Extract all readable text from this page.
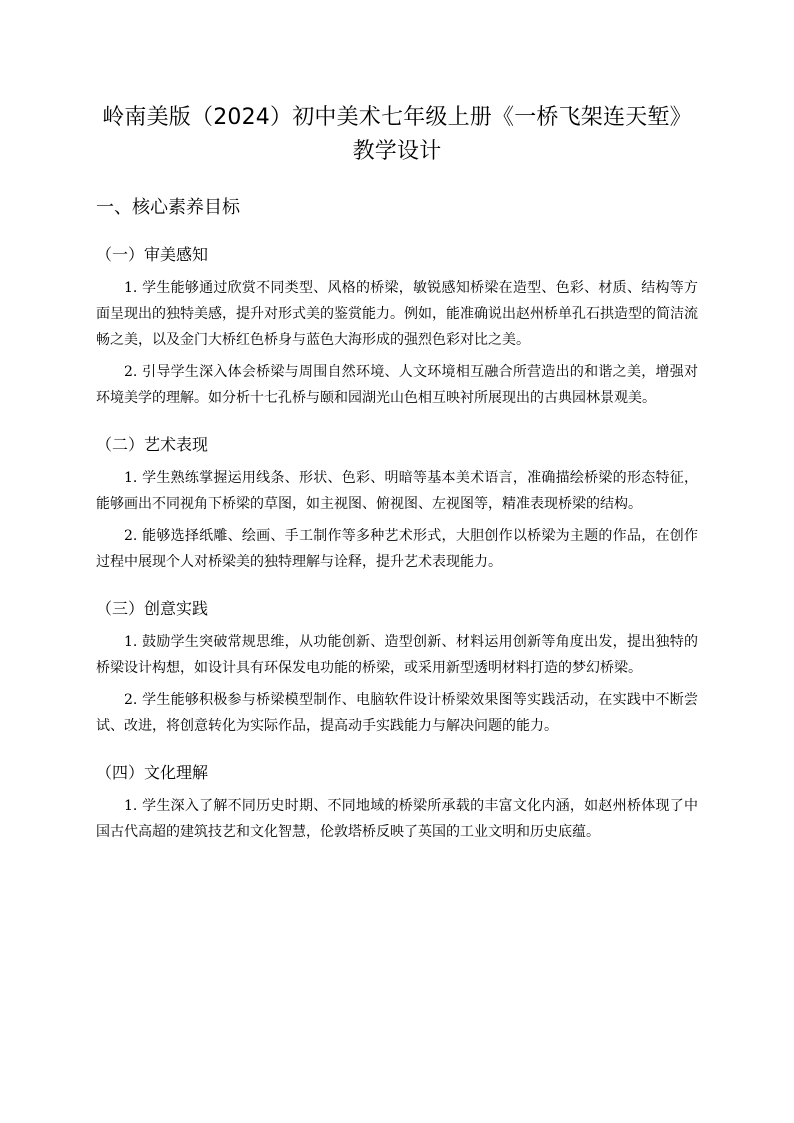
岭南美版（2024）初中美术七年级上册《一桥飞架连天堑》教学设计
一、核心素养目标
（一）审美感知

1. 学生能够通过欣赏不同类型、风格的桥梁，敏锐感知桥梁在造型、色彩、材质、结构等方面呈现出的独特美感，提升对形式美的鉴赏能力。例如，能准确说出赵州桥单孔石拱造型的简洁流畅之美，以及金门大桥红色桥身与蓝色大海形成的强烈色彩对比之美。

2. 引导学生深入体会桥梁与周围自然环境、人文环境相互融合所营造出的和谐之美，增强对环境美学的理解。如分析十七孔桥与颐和园湖光山色相互映衬所展现出的古典园林景观美。

（二）艺术表现

1. 学生熟练掌握运用线条、形状、色彩、明暗等基本美术语言，准确描绘桥梁的形态特征，能够画出不同视角下桥梁的草图，如主视图、俯视图、左视图等，精准表现桥梁的结构。

2. 能够选择纸雕、绘画、手工制作等多种艺术形式，大胆创作以桥梁为主题的作品，在创作过程中展现个人对桥梁美的独特理解与诠释，提升艺术表现能力。

（三）创意实践

1. 鼓励学生突破常规思维，从功能创新、造型创新、材料运用创新等角度出发，提出独特的桥梁设计构想，如设计具有环保发电功能的桥梁，或采用新型透明材料打造的梦幻桥梁。

2. 学生能够积极参与桥梁模型制作、电脑软件设计桥梁效果图等实践活动，在实践中不断尝试、改进，将创意转化为实际作品，提高动手实践能力与解决问题的能力。

（四）文化理解

1. 学生深入了解不同历史时期、不同地域的桥梁所承载的丰富文化内涵，如赵州桥体现了中国古代高超的建筑技艺和文化智慧，伦敦塔桥反映了英国的工业文明和历史底蕴。
